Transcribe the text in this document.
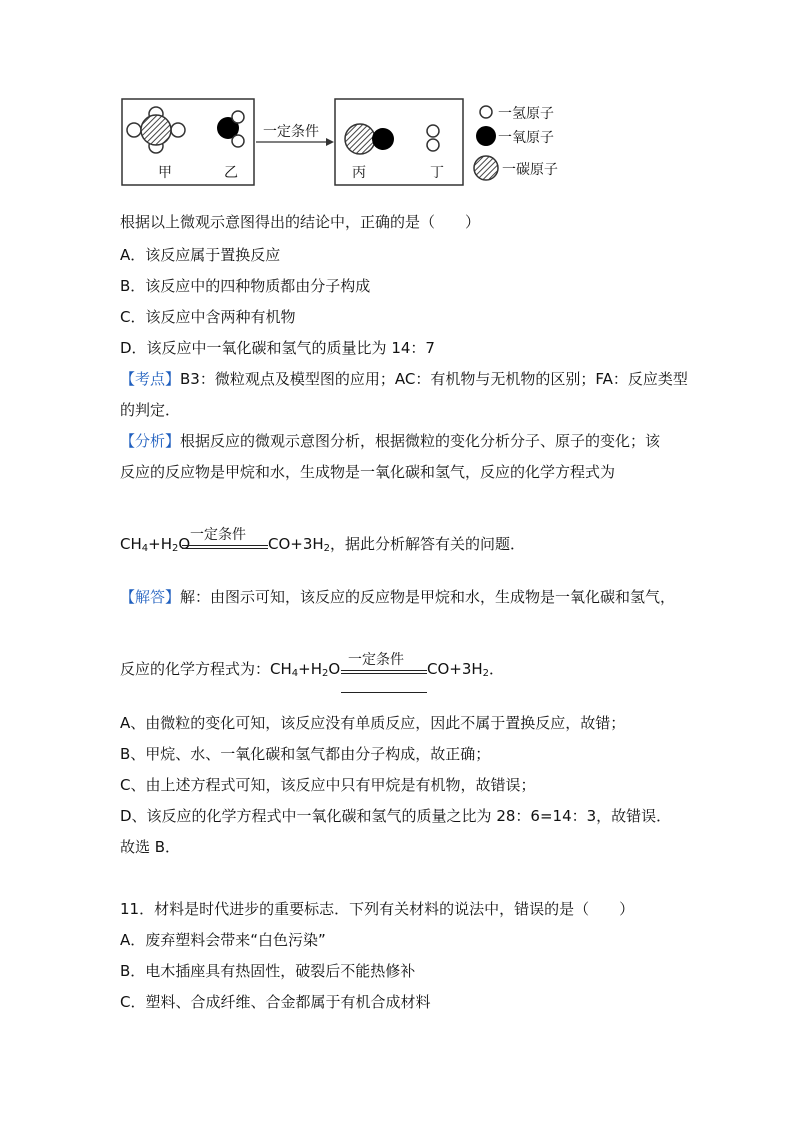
甲	乙	丙	丁
一定条件
一氢原子
一氧原子
一碳原子
根据以上微观示意图得出的结论中，正确的是（　　）
A．该反应属于置换反应
B．该反应中的四种物质都由分子构成
C．该反应中含两种有机物
D．该反应中一氧化碳和氢气的质量比为 14：7
【考点】B3：微粒观点及模型图的应用；AC：有机物与无机物的区别；FA：反应类型
的判定．
【分析】根据反应的微观示意图分析，根据微粒的变化分析分子、原子的变化；该
反应的反应物是甲烷和水，生成物是一氧化碳和氢气，反应的化学方程式为
$CH_4+H_2O$ 一定条件 $CO+3H_2$，据此分析解答有关的问题．
【解答】解：由图示可知，该反应的反应物是甲烷和水，生成物是一氧化碳和氢气，
反应的化学方程式为：$CH_4+H_2O$ 一定条件 $CO+3H_2$．
A、由微粒的变化可知，该反应没有单质反应，因此不属于置换反应，故错；
B、甲烷、水、一氧化碳和氢气都由分子构成，故正确；
C、由上述方程式可知，该反应中只有甲烷是有机物，故错误；
D、该反应的化学方程式中一氧化碳和氢气的质量之比为 28：6=14：3，故错误．
故选 B．
11．材料是时代进步的重要标志．下列有关材料的说法中，错误的是（　　）
A．废弃塑料会带来“白色污染”
B．电木插座具有热固性，破裂后不能热修补
C．塑料、合成纤维、合金都属于有机合成材料
